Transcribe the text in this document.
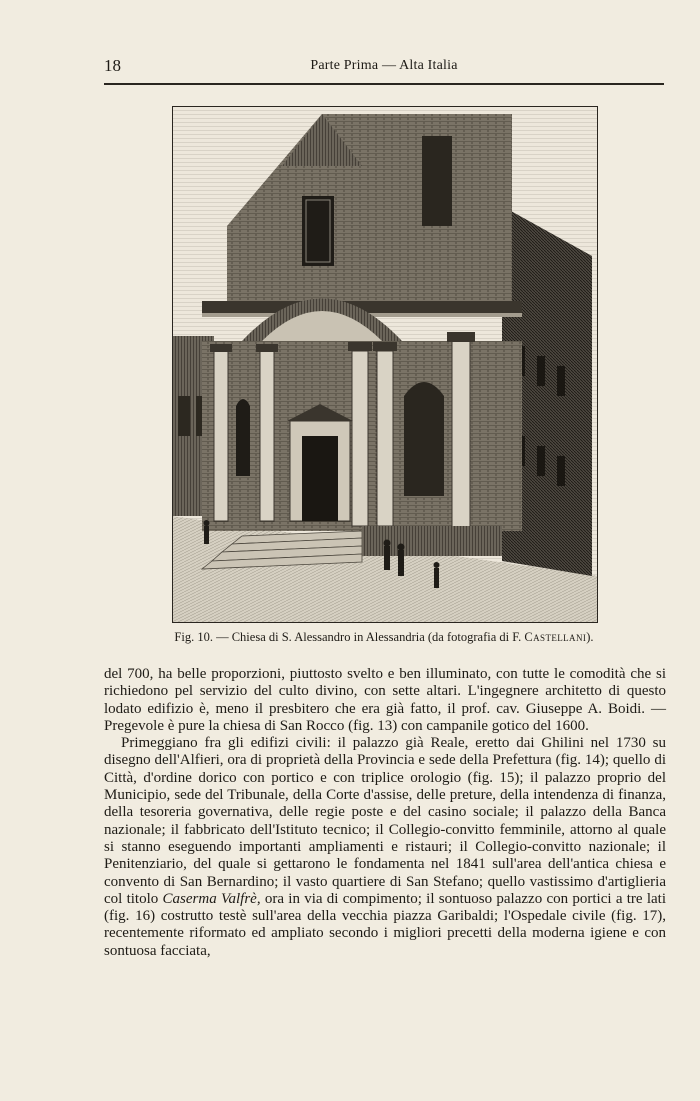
18	Parte Prima — Alta Italia
Fig. 10. — Chiesa di S. Alessandro in Alessandria (da fotografia di F. Castellani).

del 700, ha belle proporzioni, piuttosto svelto e ben illuminato, con tutte le comodità che si richiedono pel servizio del culto divino, con sette altari. L'ingegnere architetto di questo lodato edifizio è, meno il presbitero che era già fatto, il prof. cav. Giuseppe A. Boidi. — Pregevole è pure la chiesa di San Rocco (fig. 13) con campanile gotico del 1600.

Primeggiano fra gli edifizi civili: il palazzo già Reale, eretto dai Ghilini nel 1730 su disegno dell'Alfieri, ora di proprietà della Provincia e sede della Prefettura (fig. 14); quello di Città, d'ordine dorico con portico e con triplice orologio (fig. 15); il palazzo proprio del Municipio, sede del Tribunale, della Corte d'assise, delle preture, della intendenza di finanza, della tesoreria governativa, delle regie poste e del casino sociale; il palazzo della Banca nazionale; il fabbricato dell'Istituto tecnico; il Collegio-convitto femminile, attorno al quale si stanno eseguendo importanti ampliamenti e ristauri; il Collegio-convitto nazionale; il Penitenziario, del quale si gettarono le fondamenta nel 1841 sull'area dell'antica chiesa e convento di San Bernardino; il vasto quartiere di San Stefano; quello vastissimo d'artiglieria col titolo Caserma Valfrè, ora in via di compimento; il sontuoso palazzo con portici a tre lati (fig. 16) costrutto testè sull'area della vecchia piazza Garibaldi; l'Ospedale civile (fig. 17), recentemente riformato ed ampliato secondo i migliori precetti della moderna igiene e con sontuosa facciata,
